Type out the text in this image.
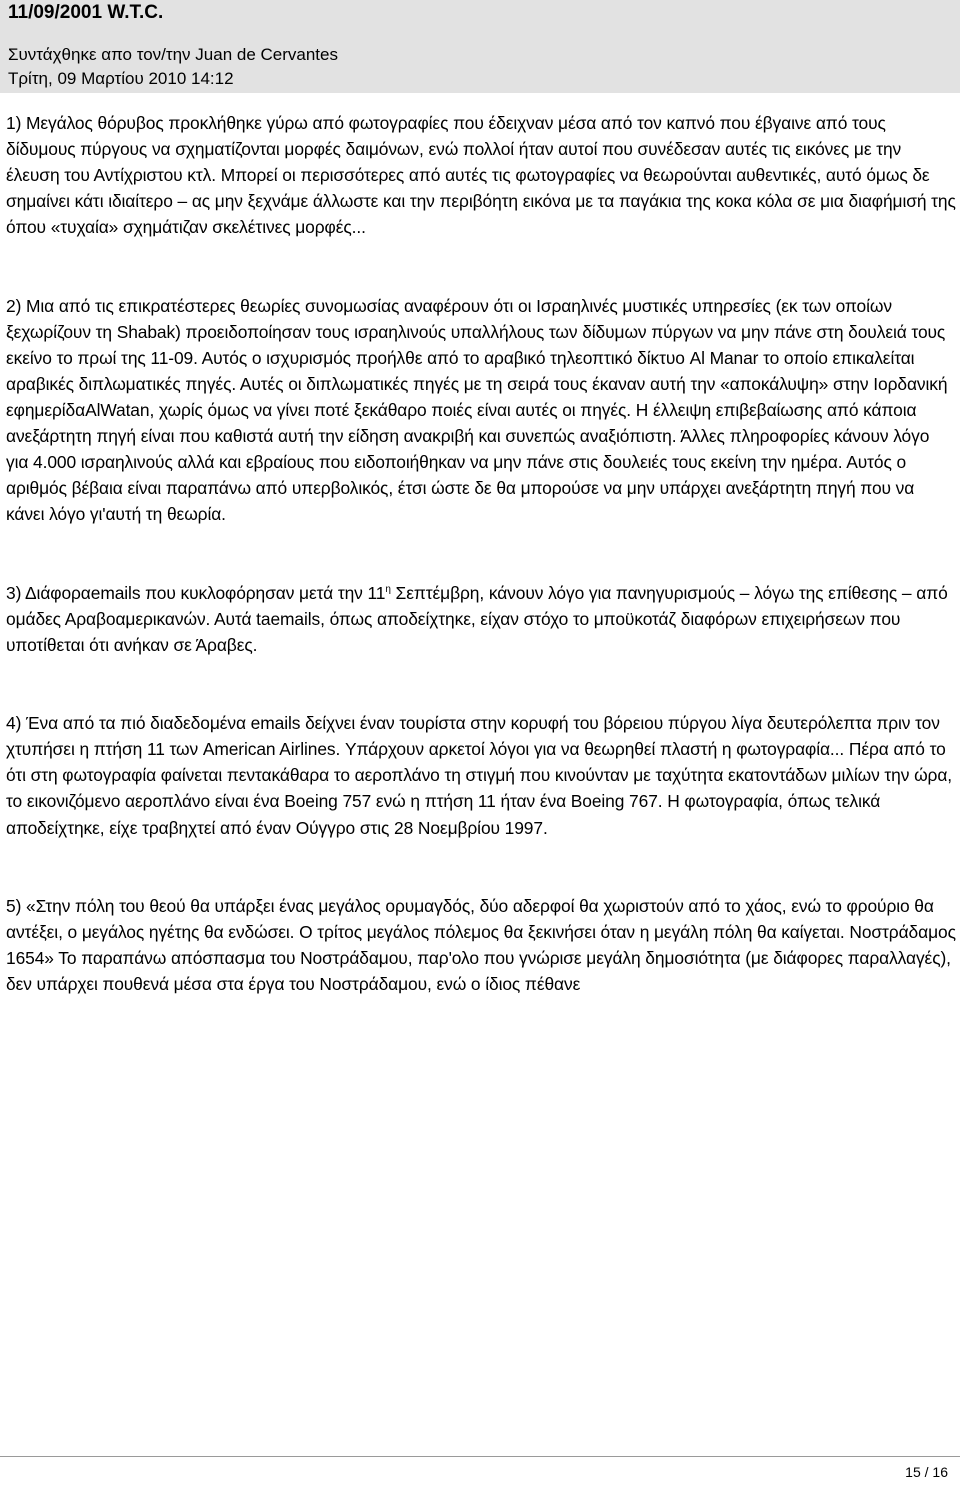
11/09/2001 W.T.C.
Συντάχθηκε απο τον/την Juan de Cervantes
Τρίτη, 09 Μαρτίου 2010 14:12

1) Μεγάλος θόρυβος προκλήθηκε γύρω από φωτογραφίες που έδειχναν μέσα από τον καπνό που έβγαινε από τους δίδυμους πύργους να σχηματίζονται μορφές δαιμόνων, ενώ πολλοί ήταν αυτοί που συνέδεσαν αυτές τις εικόνες με την έλευση του Αντίχριστου κτλ. Μπορεί οι περισσότερες από αυτές τις φωτογραφίες να θεωρούνται αυθεντικές, αυτό όμως δε σημαίνει κάτι ιδιαίτερο – ας μην ξεχνάμε άλλωστε και την περιβόητη εικόνα με τα παγάκια της κοκα κόλα σε μια διαφήμισή της όπου «τυχαία» σχημάτιζαν σκελέτινες μορφές...

2) Μια από τις επικρατέστερες θεωρίες συνομωσίας αναφέρουν ότι οι Ισραηλινές μυστικές υπηρεσίες (εκ των οποίων ξεχωρίζουν τη Shabak) προειδοποίησαν τους ισραηλινούς υπαλλήλους των δίδυμων πύργων να μην πάνε στη δουλειά τους εκείνο το πρωί της 11-09. Αυτός ο ισχυρισμός προήλθε από το αραβικό τηλεοπτικό δίκτυο Al Manar το οποίο επικαλείται αραβικές διπλωματικές πηγές. Αυτές οι διπλωματικές πηγές με τη σειρά τους έκαναν αυτή την «αποκάλυψη» στην Ιορδανική εφημερίδαAlWatan, χωρίς όμως να γίνει ποτέ ξεκάθαρο ποιές είναι αυτές οι πηγές. Η έλλειψη επιβεβαίωσης από κάποια ανεξάρτητη πηγή είναι που καθιστά αυτή την είδηση ανακριβή και συνεπώς αναξιόπιστη. Άλλες πληροφορίες κάνουν λόγο για 4.000 ισραηλινούς αλλά και εβραίους που ειδοποιήθηκαν να μην πάνε στις δουλειές τους εκείνη την ημέρα. Αυτός ο αριθμός βέβαια είναι παραπάνω από υπερβολικός, έτσι ώστε δε θα μπορούσε να μην υπάρχει ανεξάρτητη πηγή που να κάνει λόγο γι'αυτή τη θεωρία.

3) Διάφοραemails που κυκλοφόρησαν μετά την $11^\eta$ Σεπτέμβρη, κάνουν λόγο για πανηγυρισμούς – λόγω της επίθεσης – από ομάδες Αραβοαμερικανών. Αυτά taemails, όπως αποδείχτηκε, είχαν στόχο το μποϋκοτάζ διαφόρων επιχειρήσεων που υποτίθεται ότι ανήκαν σε Άραβες.

4) Ένα από τα πιό διαδεδομένα emails δείχνει έναν τουρίστα στην κορυφή του βόρειου πύργου λίγα δευτερόλεπτα πριν τον χτυπήσει η πτήση 11 των American Airlines. Υπάρχουν αρκετοί λόγοι για να θεωρηθεί πλαστή η φωτογραφία... Πέρα από το ότι στη φωτογραφία φαίνεται πεντακάθαρα το αεροπλάνο τη στιγμή που κινούνταν με ταχύτητα εκατοντάδων μιλίων την ώρα, το εικονιζόμενο αεροπλάνο είναι ένα Boeing 757 ενώ η πτήση 11 ήταν ένα Boeing 767. Η φωτογραφία, όπως τελικά αποδείχτηκε, είχε τραβηχτεί από έναν Ούγγρο στις 28 Νοεμβρίου 1997.

5) «Στην πόλη του θεού θα υπάρξει ένας μεγάλος ορυμαγδός, δύο αδερφοί θα χωριστούν από το χάος, ενώ το φρούριο θα αντέξει, ο μεγάλος ηγέτης θα ενδώσει. Ο τρίτος μεγάλος πόλεμος θα ξεκινήσει όταν η μεγάλη πόλη θα καίγεται. Νοστράδαμος 1654» Το παραπάνω απόσπασμα του Νοστράδαμου, παρ'ολο που γνώρισε μεγάλη δημοσιότητα (με διάφορες παραλλαγές), δεν υπάρχει πουθενά μέσα στα έργα του Νοστράδαμου, ενώ ο ίδιος πέθανε

15 / 16
